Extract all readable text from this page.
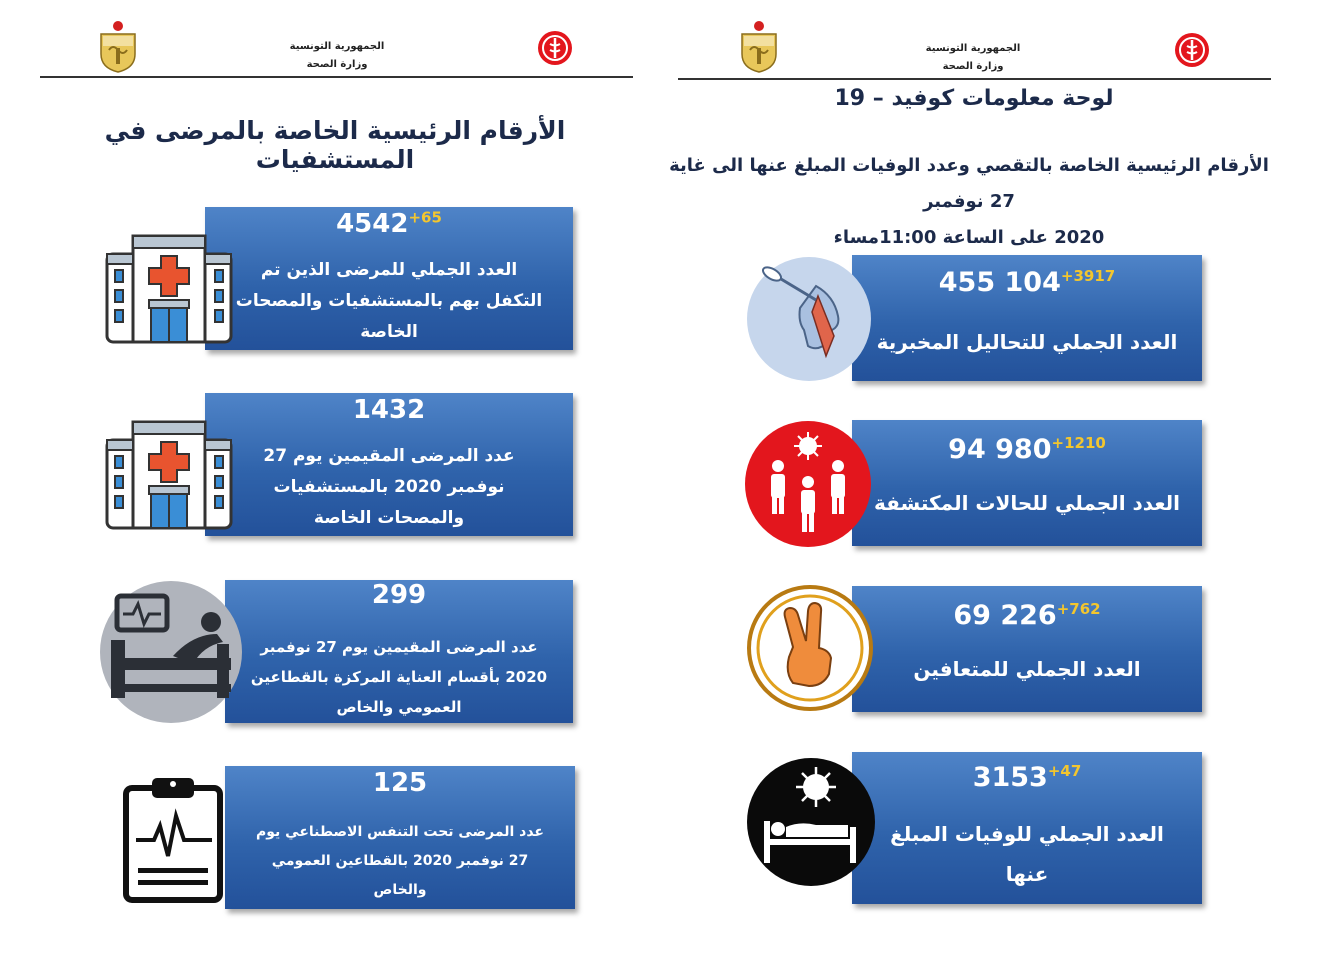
الجمهورية التونسية
وزارة الصحة
الأرقام الرئيسية الخاصة بالمرضى في المستشفيات
$4542^{+65}$
العدد الجملي للمرضى الذين تم التكفل بهم بالمستشفيات والمصحات الخاصة
1432
عدد المرضى المقيمين يوم 27 نوفمبر 2020 بالمستشفيات والمصحات الخاصة
299
عدد المرضى المقيمين يوم 27 نوفمبر 2020 بأقسام العناية المركزة بالقطاعين العمومي والخاص
125
عدد المرضى تحت التنفس الاصطناعي يوم 27 نوفمبر 2020 بالقطاعين العمومي والخاص
الجمهورية التونسية
وزارة الصحة
لوحة معلومات كوفيد – 19
الأرقام الرئيسية الخاصة بالتقصي وعدد الوفيات المبلغ عنها الى غاية 27 نوفمبر
2020 على الساعة 11:00مساء
455 $104^{+3917}$
العدد الجملي للتحاليل المخبرية
94 $980^{+1210}$
العدد الجملي للحالات المكتشفة
69 $226^{+762}$
العدد الجملي للمتعافين
$3153^{+47}$
العدد الجملي للوفيات المبلغ عنها
